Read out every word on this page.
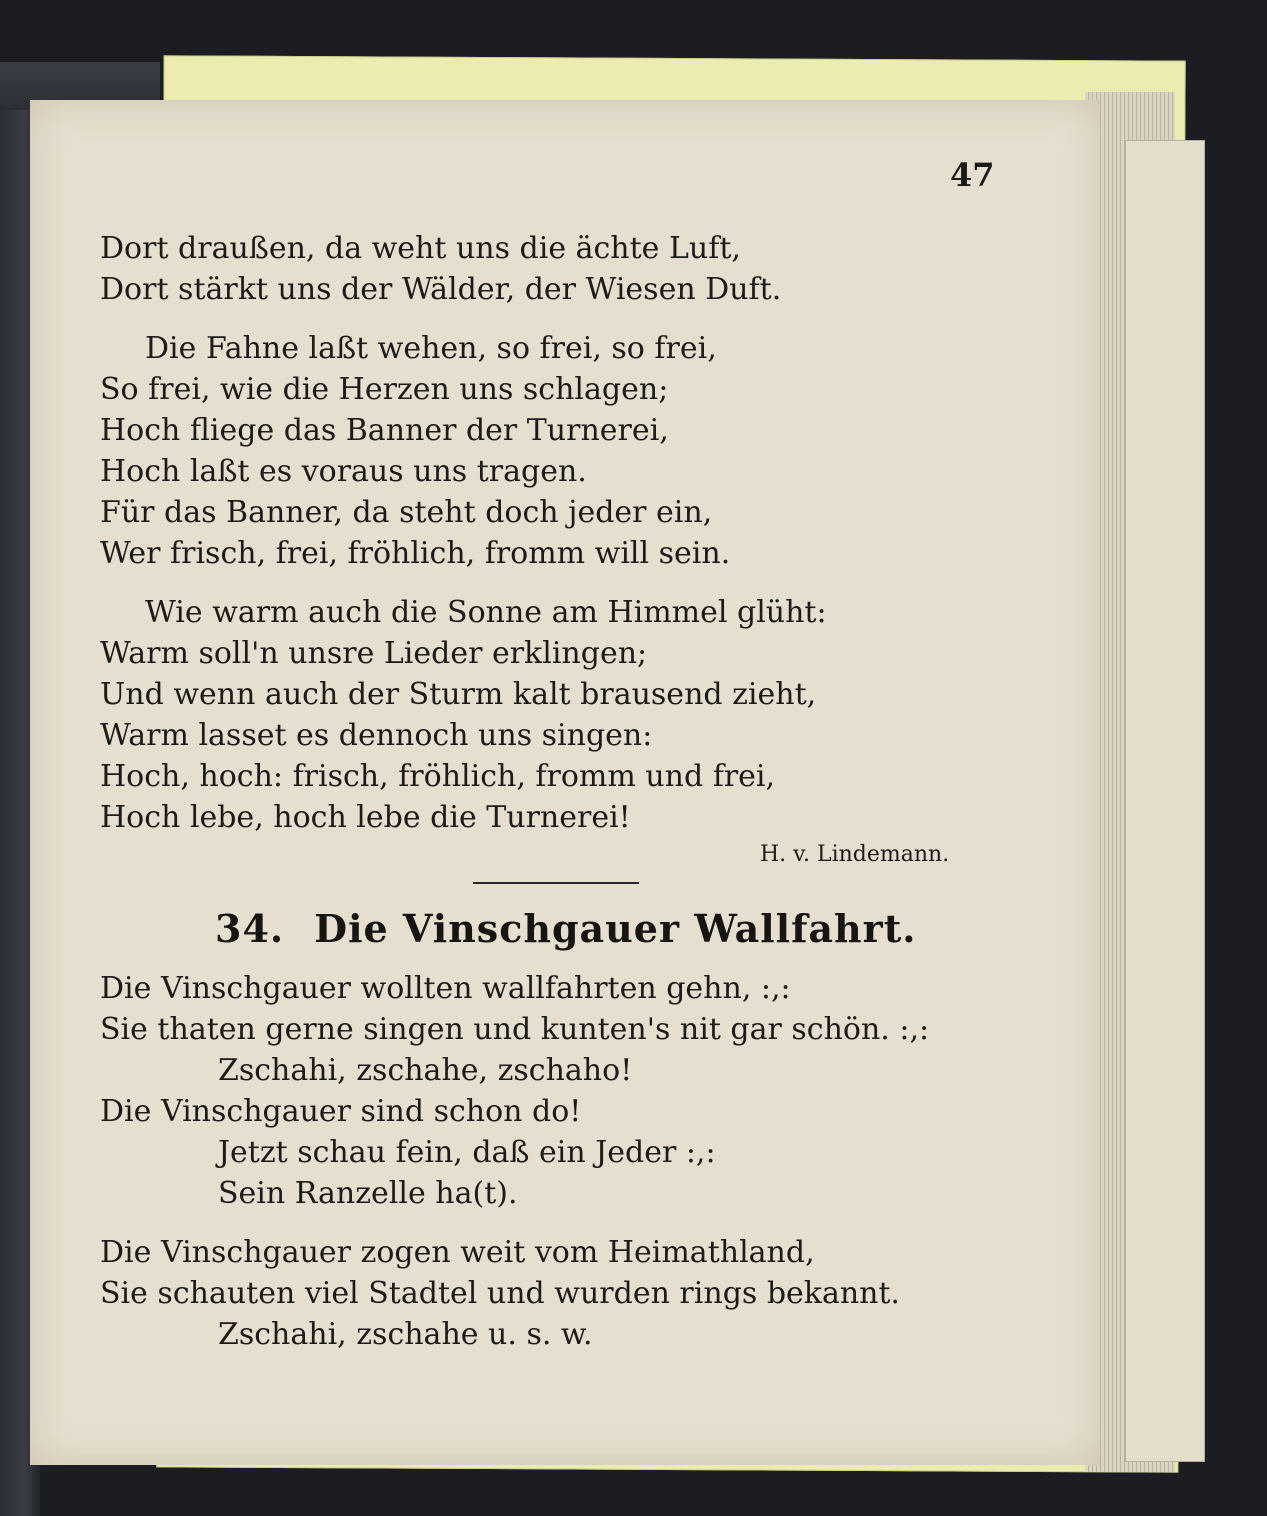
47
Dort draußen, da weht uns die ächte Luft,
Dort stärkt uns der Wälder, der Wiesen Duft.
Die Fahne laßt wehen, so frei, so frei,
So frei, wie die Herzen uns schlagen;
Hoch fliege das Banner der Turnerei,
Hoch laßt es voraus uns tragen.
Für das Banner, da steht doch jeder ein,
Wer frisch, frei, fröhlich, fromm will sein.
Wie warm auch die Sonne am Himmel glüht:
Warm soll'n unsre Lieder erklingen;
Und wenn auch der Sturm kalt brausend zieht,
Warm lasset es dennoch uns singen:
Hoch, hoch: frisch, fröhlich, fromm und frei,
Hoch lebe, hoch lebe die Turnerei!
H. v. Lindemann.
34. Die Vinschgauer Wallfahrt.
Die Vinschgauer wollten wallfahrten gehn, :,:
Sie thaten gerne singen und kunten's nit gar schön. :,:
Zschahi, zschahe, zschaho!
Die Vinschgauer sind schon do!
Jetzt schau fein, daß ein Jeder :,:
Sein Ranzelle ha(t).
Die Vinschgauer zogen weit vom Heimathland,
Sie schauten viel Stadtel und wurden rings bekannt.
Zschahi, zschahe u. s. w.
